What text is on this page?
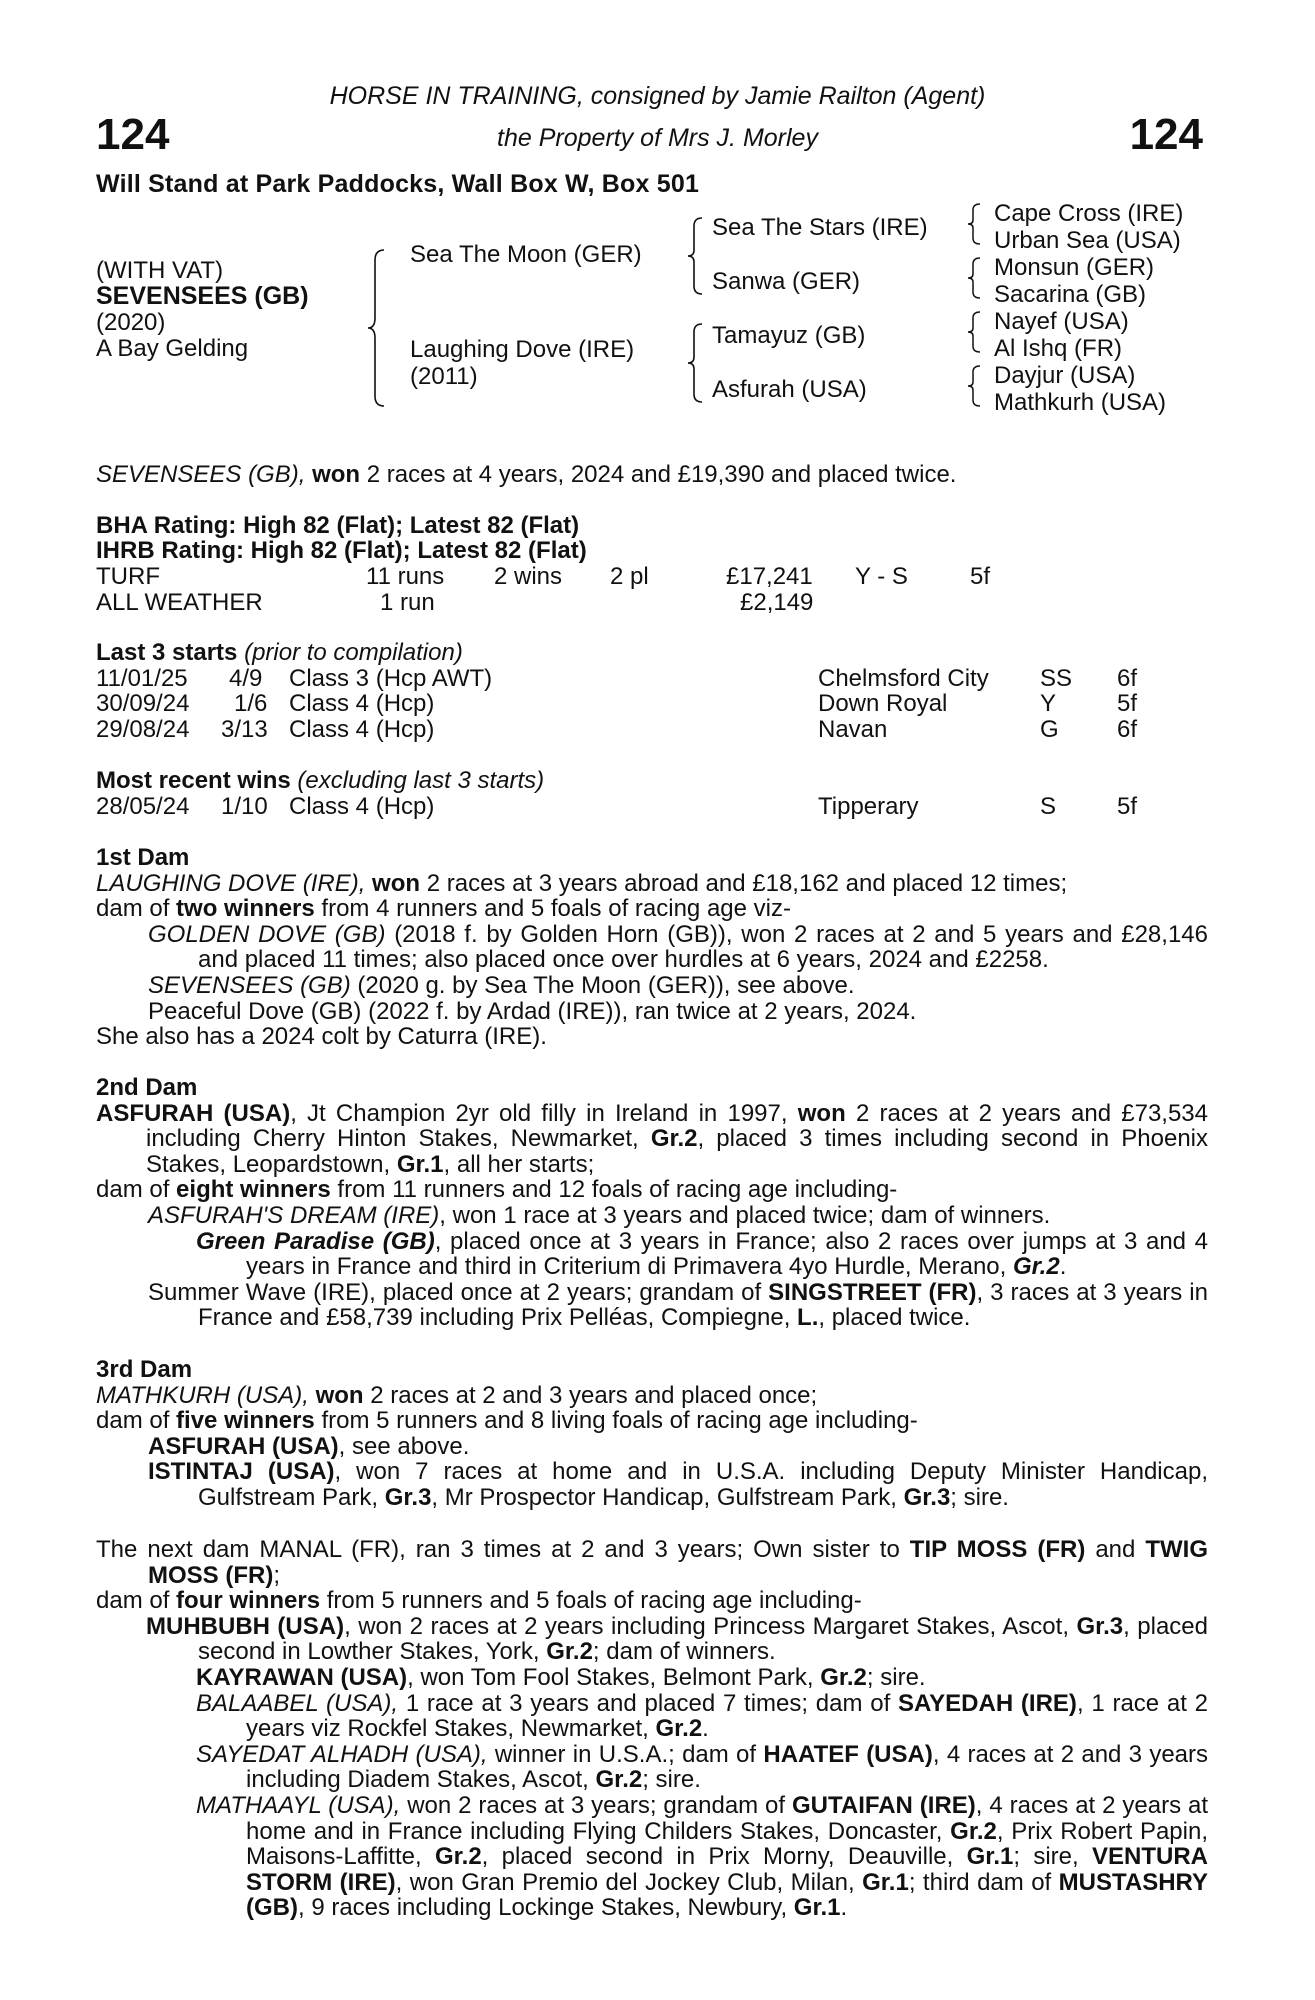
124	124
HORSE IN TRAINING, consigned by Jamie Railton (Agent)
the Property of Mrs J. Morley
Will Stand at Park Paddocks, Wall Box W, Box 501
(WITH VAT)
SEVENSEES (GB)
(2020)
A Bay Gelding
Sea The Moon (GER)
Laughing Dove (IRE)
(2011)
Sea The Stars (IRE)
Sanwa (GER)
Tamayuz (GB)
Asfurah (USA)
Cape Cross (IRE)
Urban Sea (USA)
Monsun (GER)
Sacarina (GB)
Nayef (USA)
Al Ishq (FR)
Dayjur (USA)
Mathkurh (USA)
SEVENSEES (GB), won 2 races at 4 years, 2024 and £19,390 and placed twice.
BHA Rating: High 82 (Flat); Latest 82 (Flat)
IHRB Rating: High 82 (Flat); Latest 82 (Flat)
TURF	11 runs 2 wins 2 pl	£17,241 Y - S	5f
ALL WEATHER	1 run	£2,149
Last 3 starts (prior to compilation)
11/01/25 4/9 Class 3 (Hcp AWT)	Chelmsford City SS 6f
30/09/24 1/6 Class 4 (Hcp)	Down Royal	Y	5f
29/08/24 3/13 Class 4 (Hcp)	Navan	G 6f
Most recent wins (excluding last 3 starts)
28/05/24 1/10 Class 4 (Hcp)	Tipperary	S	5f

1st Dam

LAUGHING DOVE (IRE), won 2 races at 3 years abroad and £18,162 and placed 12 times;

dam of two winners from 4 runners and 5 foals of racing age viz-

GOLDEN DOVE (GB) (2018 f. by Golden Horn (GB)), won 2 races at 2 and 5 years and £28,146 and placed 11 times; also placed once over hurdles at 6 years, 2024 and £2258.

SEVENSEES (GB) (2020 g. by Sea The Moon (GER)), see above.

Peaceful Dove (GB) (2022 f. by Ardad (IRE)), ran twice at 2 years, 2024.

She also has a 2024 colt by Caturra (IRE).

2nd Dam

ASFURAH (USA), Jt Champion 2yr old filly in Ireland in 1997, won 2 races at 2 years and £73,534 including Cherry Hinton Stakes, Newmarket, Gr.2, placed 3 times including second in Phoenix Stakes, Leopardstown, Gr.1, all her starts;

dam of eight winners from 11 runners and 12 foals of racing age including-

ASFURAH'S DREAM (IRE), won 1 race at 3 years and placed twice; dam of winners.

Green Paradise (GB), placed once at 3 years in France; also 2 races over jumps at 3 and 4 years in France and third in Criterium di Primavera 4yo Hurdle, Merano, Gr.2.

Summer Wave (IRE), placed once at 2 years; grandam of SINGSTREET (FR), 3 races at 3 years in France and £58,739 including Prix Pelléas, Compiegne, L., placed twice.

3rd Dam

MATHKURH (USA), won 2 races at 2 and 3 years and placed once;

dam of five winners from 5 runners and 8 living foals of racing age including-

ASFURAH (USA), see above.

ISTINTAJ (USA), won 7 races at home and in U.S.A. including Deputy Minister Handicap, Gulfstream Park, Gr.3, Mr Prospector Handicap, Gulfstream Park, Gr.3; sire.

The next dam MANAL (FR), ran 3 times at 2 and 3 years; Own sister to TIP MOSS (FR) and TWIG MOSS (FR);

dam of four winners from 5 runners and 5 foals of racing age including-

MUHBUBH (USA), won 2 races at 2 years including Princess Margaret Stakes, Ascot, Gr.3, placed second in Lowther Stakes, York, Gr.2; dam of winners.

KAYRAWAN (USA), won Tom Fool Stakes, Belmont Park, Gr.2; sire.

BALAABEL (USA), 1 race at 3 years and placed 7 times; dam of SAYEDAH (IRE), 1 race at 2 years viz Rockfel Stakes, Newmarket, Gr.2.

SAYEDAT ALHADH (USA), winner in U.S.A.; dam of HAATEF (USA), 4 races at 2 and 3 years including Diadem Stakes, Ascot, Gr.2; sire.

MATHAAYL (USA), won 2 races at 3 years; grandam of GUTAIFAN (IRE), 4 races at 2 years at home and in France including Flying Childers Stakes, Doncaster, Gr.2, Prix Robert Papin, Maisons-Laffitte, Gr.2, placed second in Prix Morny, Deauville, Gr.1; sire, VENTURA STORM (IRE), won Gran Premio del Jockey Club, Milan, Gr.1; third dam of MUSTASHRY (GB), 9 races including Lockinge Stakes, Newbury, Gr.1.
